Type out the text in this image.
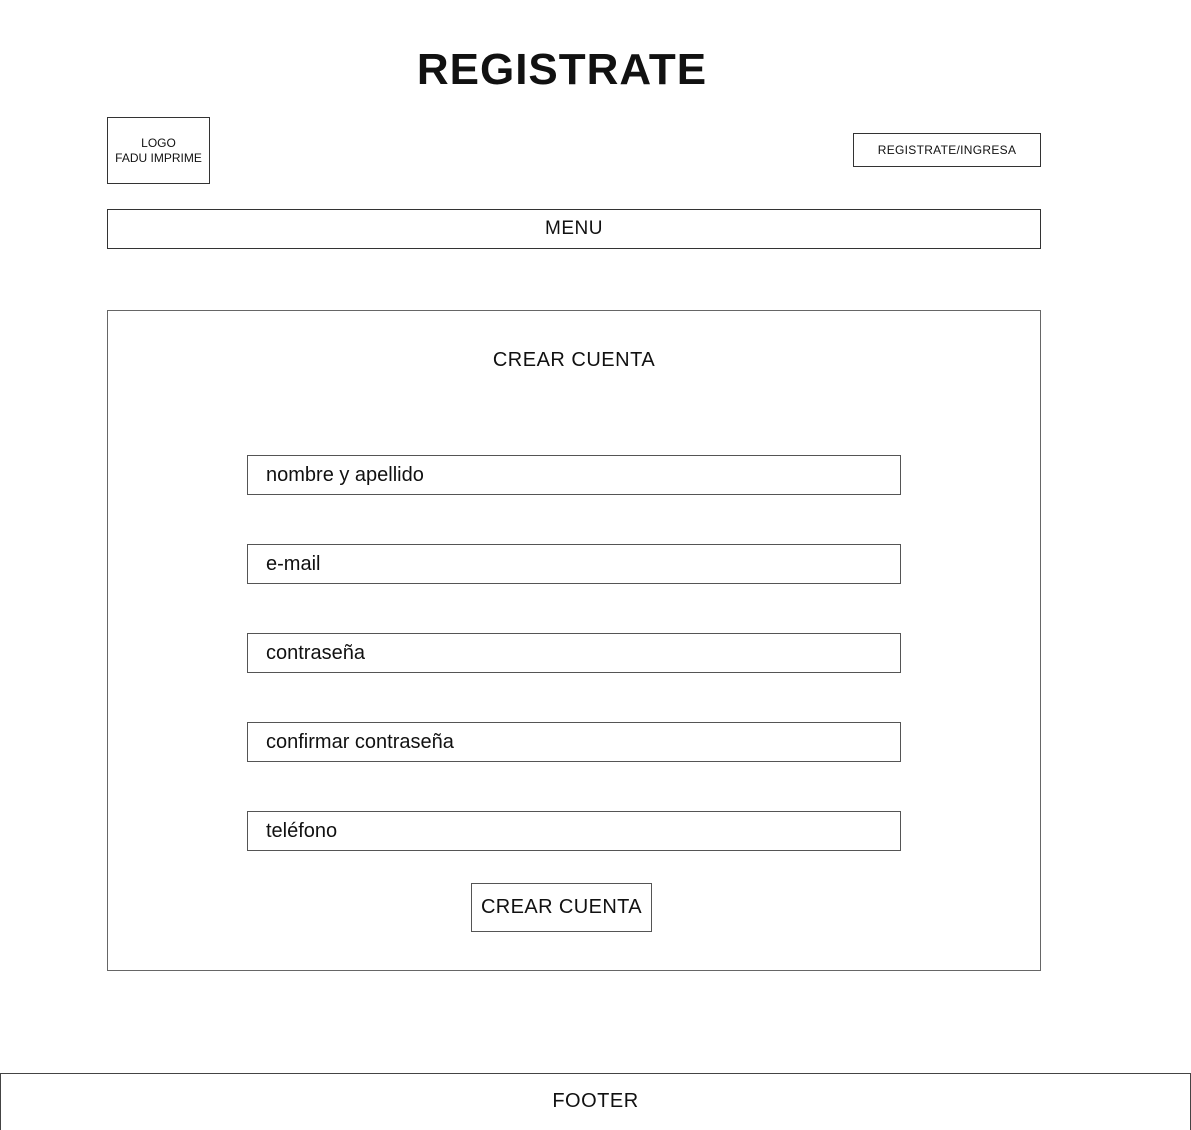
REGISTRATE
LOGO
FADU IMPRIME
REGISTRATE/INGRESA
MENU
CREAR CUENTA
nombre y apellido
e-mail
contraseña
confirmar contraseña
teléfono
CREAR CUENTA
FOOTER
